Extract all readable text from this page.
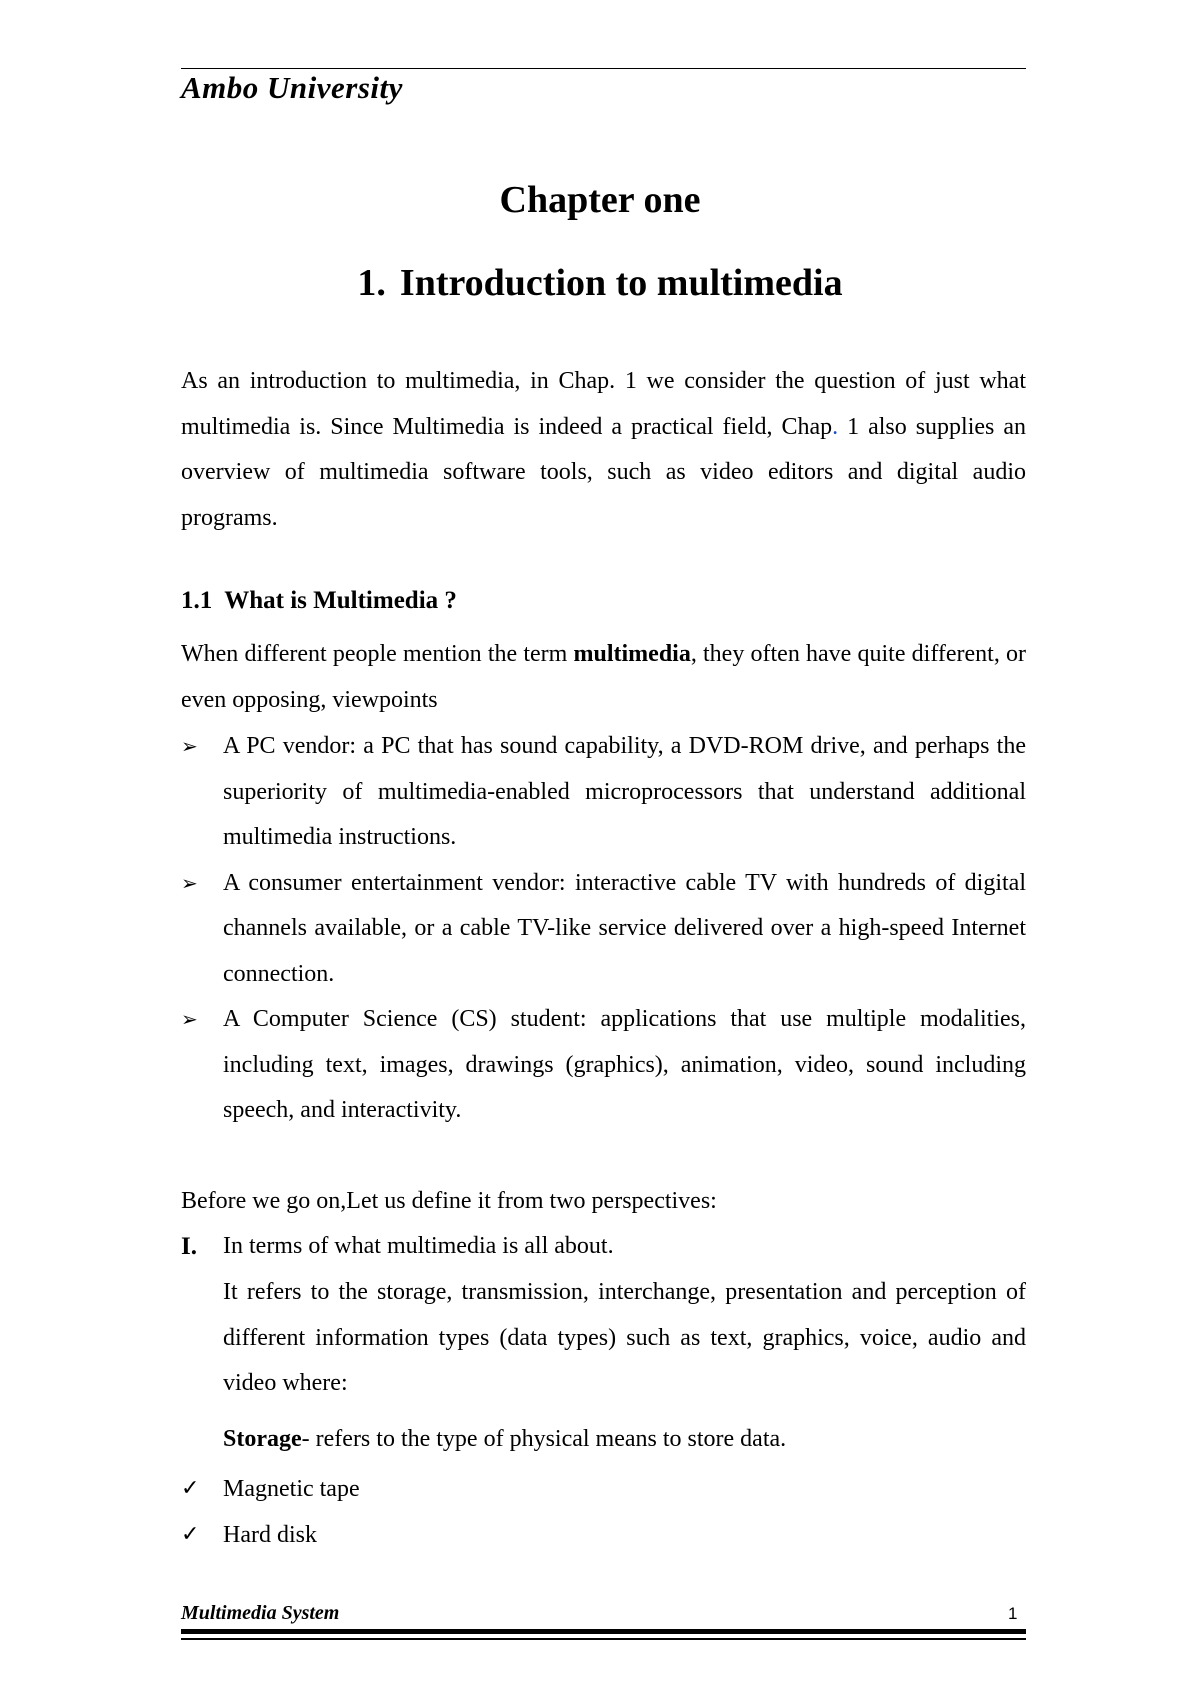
Ambo University
Chapter one
1. Introduction to multimedia
As an introduction to multimedia, in Chap. 1 we consider the question of just what multimedia is. Since Multimedia is indeed a practical field, Chap. 1 also supplies an overview of multimedia software tools, such as video editors and digital audio programs.
1.1 What is Multimedia ?
When different people mention the term multimedia, they often have quite different, or even opposing, viewpoints
➢	A PC vendor: a PC that has sound capability, a DVD-ROM drive, and perhaps the superiority of multimedia-enabled microprocessors that understand additional multimedia instructions.
➢	A consumer entertainment vendor: interactive cable TV with hundreds of digital channels available, or a cable TV-like service delivered over a high-speed Internet connection.
➢	A Computer Science (CS) student: applications that use multiple modalities, including text, images, drawings (graphics), animation, video, sound including speech, and interactivity.
Before we go on,Let us define it from two perspectives:
I. In terms of what multimedia is all about.
It refers to the storage, transmission, interchange, presentation and perception of different information types (data types) such as text, graphics, voice, audio and video where:
Storage- refers to the type of physical means to store data.
✓ Magnetic tape
✓ Hard disk
Multimedia System	1
